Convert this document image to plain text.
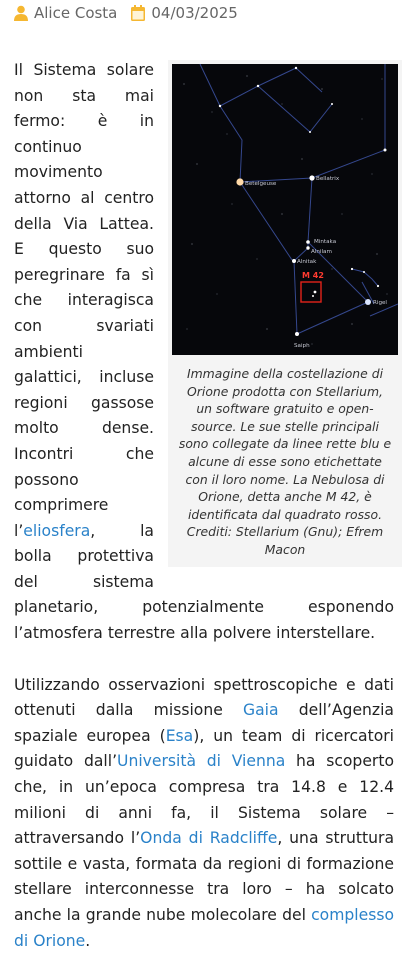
Alice Costa 04/03/2025
Betelgeuse
Bellatrix
Mintaka
Alnilam
Alnitak
Rigel
Saiph
M 42
Immagine della costellazione di Orione prodotta con Stellarium, un software gratuito e open-source. Le sue stelle principali sono collegate da linee rette blu e alcune di esse sono etichettate con il loro nome. La Nebulosa di Orione, detta anche M 42, è identificata dal quadrato rosso. Crediti: Stellarium (Gnu); Efrem Macon

Il Sistema solare non sta mai fermo: è in continuo movimento attorno al centro della Via Lattea. E questo suo peregrinare fa sì che interagisca con svariati ambienti galattici, incluse regioni gassose molto dense. Incontri che possono comprimere l’eliosfera, la bolla protettiva del sistema planetario, potenzialmente esponendo l’atmosfera terrestre alla polvere interstellare.

Utilizzando osservazioni spettroscopiche e dati ottenuti dalla missione Gaia dell’Agenzia spaziale europea (Esa), un team di ricercatori guidato dall’Università di Vienna ha scoperto che, in un’epoca compresa tra 14.8 e 12.4 milioni di anni fa, il Sistema solare – attraversando l’Onda di Radcliffe, una struttura sottile e vasta, formata da regioni di formazione stellare interconnesse tra loro – ha solcato anche la grande nube molecolare del complesso di Orione.
